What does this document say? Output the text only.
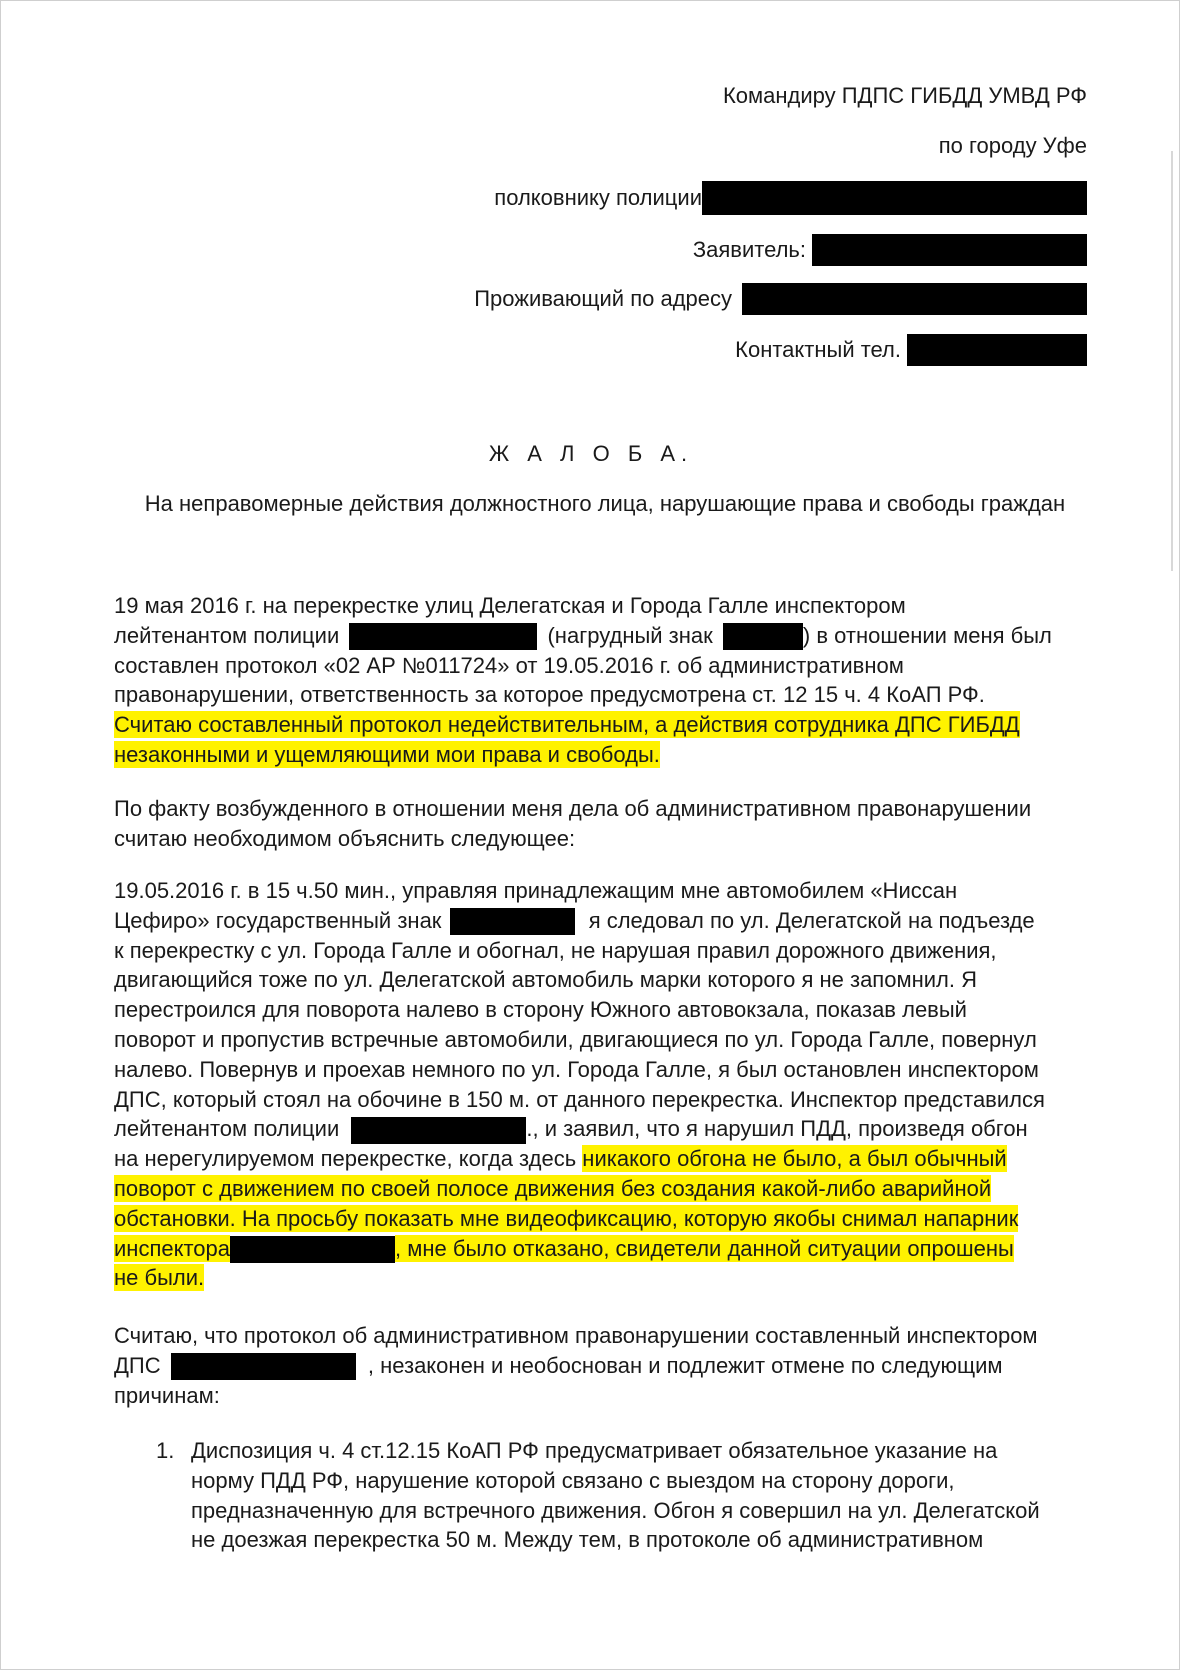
Командиру ПДПС ГИБДД УМВД РФ
по городу Уфе
полковнику полиции
Заявитель:
Проживающий по адресу
Контактный тел.
Ж А Л О Б А.
На неправомерные действия должностного лица, нарушающие права и свободы граждан
19 мая 2016 г. на перекрестке улиц Делегатская и Города Галле инспектором
лейтенантом полиции	(нагрудный знак	) в отношении меня был
составлен протокол «02 АР №011724» от 19.05.2016 г. об административном
правонарушении, ответственность за которое предусмотрена ст. 12 15 ч. 4 КоАП РФ.
Считаю составленный протокол недействительным, а действия сотрудника ДПС ГИБДД
незаконными и ущемляющими мои права и свободы.
По факту возбужденного в отношении меня дела об административном правонарушении
считаю необходимом объяснить следующее:
19.05.2016 г. в 15 ч.50 мин., управляя принадлежащим мне автомобилем «Ниссан
Цефиро» государственный знак	я следовал по ул. Делегатской на подъезде
к перекрестку с ул. Города Галле и обогнал, не нарушая правил дорожного движения,
двигающийся тоже по ул. Делегатской автомобиль марки которого я не запомнил. Я
перестроился для поворота налево в сторону Южного автовокзала, показав левый
поворот и пропустив встречные автомобили, двигающиеся по ул. Города Галле, повернул
налево. Повернув и проехав немного по ул. Города Галле, я был остановлен инспектором
ДПС, который стоял на обочине в 150 м. от данного перекрестка. Инспектор представился
лейтенантом полиции	., и заявил, что я нарушил ПДД, произведя обгон
на нерегулируемом перекрестке, когда здесь никакого обгона не было, а был обычный
поворот с движением по своей полосе движения без создания какой-либо аварийной
обстановки. На просьбу показать мне видеофиксацию, которую якобы снимал напарник
инспектора	, мне было отказано, свидетели данной ситуации опрошены
не были.
Считаю, что протокол об административном правонарушении составленный инспектором
ДПС	, незаконен и необоснован и подлежит отмене по следующим
причинам:
1. Диспозиция ч. 4 ст.12.15 КоАП РФ предусматривает обязательное указание на
норму ПДД РФ, нарушение которой связано с выездом на сторону дороги,
предназначенную для встречного движения. Обгон я совершил на ул. Делегатской
не доезжая перекрестка 50 м. Между тем, в протоколе об административном
